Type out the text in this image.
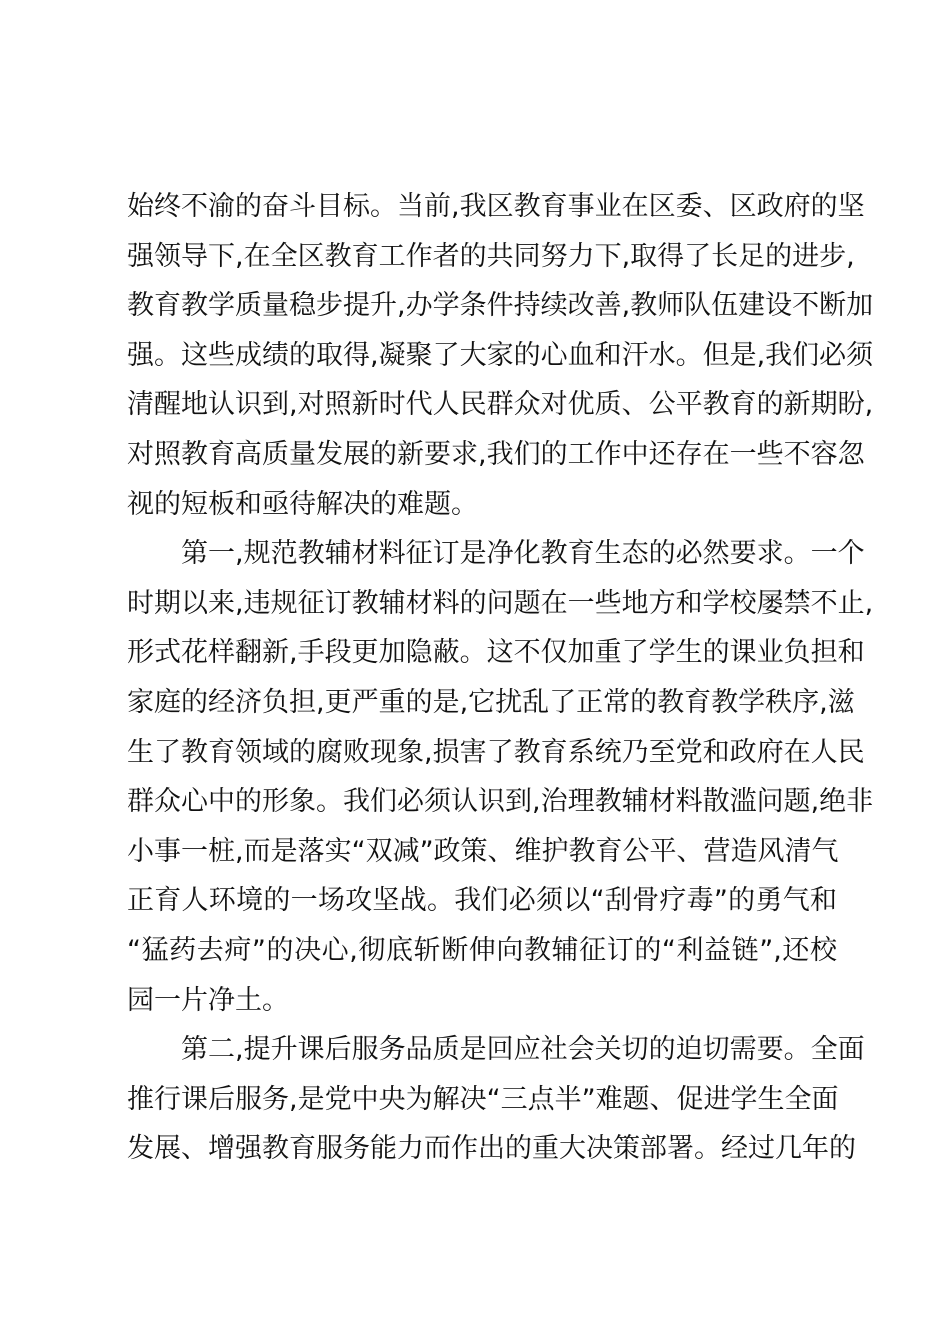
始终不渝的奋斗目标。当前,我区教育事业在区委、区政府的坚
强领导下,在全区教育工作者的共同努力下,取得了长足的进步,
教育教学质量稳步提升,办学条件持续改善,教师队伍建设不断加
强。这些成绩的取得,凝聚了大家的心血和汗水。但是,我们必须
清醒地认识到,对照新时代人民群众对优质、公平教育的新期盼,
对照教育高质量发展的新要求,我们的工作中还存在一些不容忽
视的短板和亟待解决的难题。
第一,规范教辅材料征订是净化教育生态的必然要求。一个
时期以来,违规征订教辅材料的问题在一些地方和学校屡禁不止,
形式花样翻新,手段更加隐蔽。这不仅加重了学生的课业负担和
家庭的经济负担,更严重的是,它扰乱了正常的教育教学秩序,滋
生了教育领域的腐败现象,损害了教育系统乃至党和政府在人民
群众心中的形象。我们必须认识到,治理教辅材料散滥问题,绝非
小事一桩,而是落实“双减”政策、维护教育公平、营造风清气
正育人环境的一场攻坚战。我们必须以“刮骨疗毒”的勇气和
“猛药去疴”的决心,彻底斩断伸向教辅征订的“利益链”,还校
园一片净土。
第二,提升课后服务品质是回应社会关切的迫切需要。全面
推行课后服务,是党中央为解决“三点半”难题、促进学生全面
发展、增强教育服务能力而作出的重大决策部署。经过几年的
